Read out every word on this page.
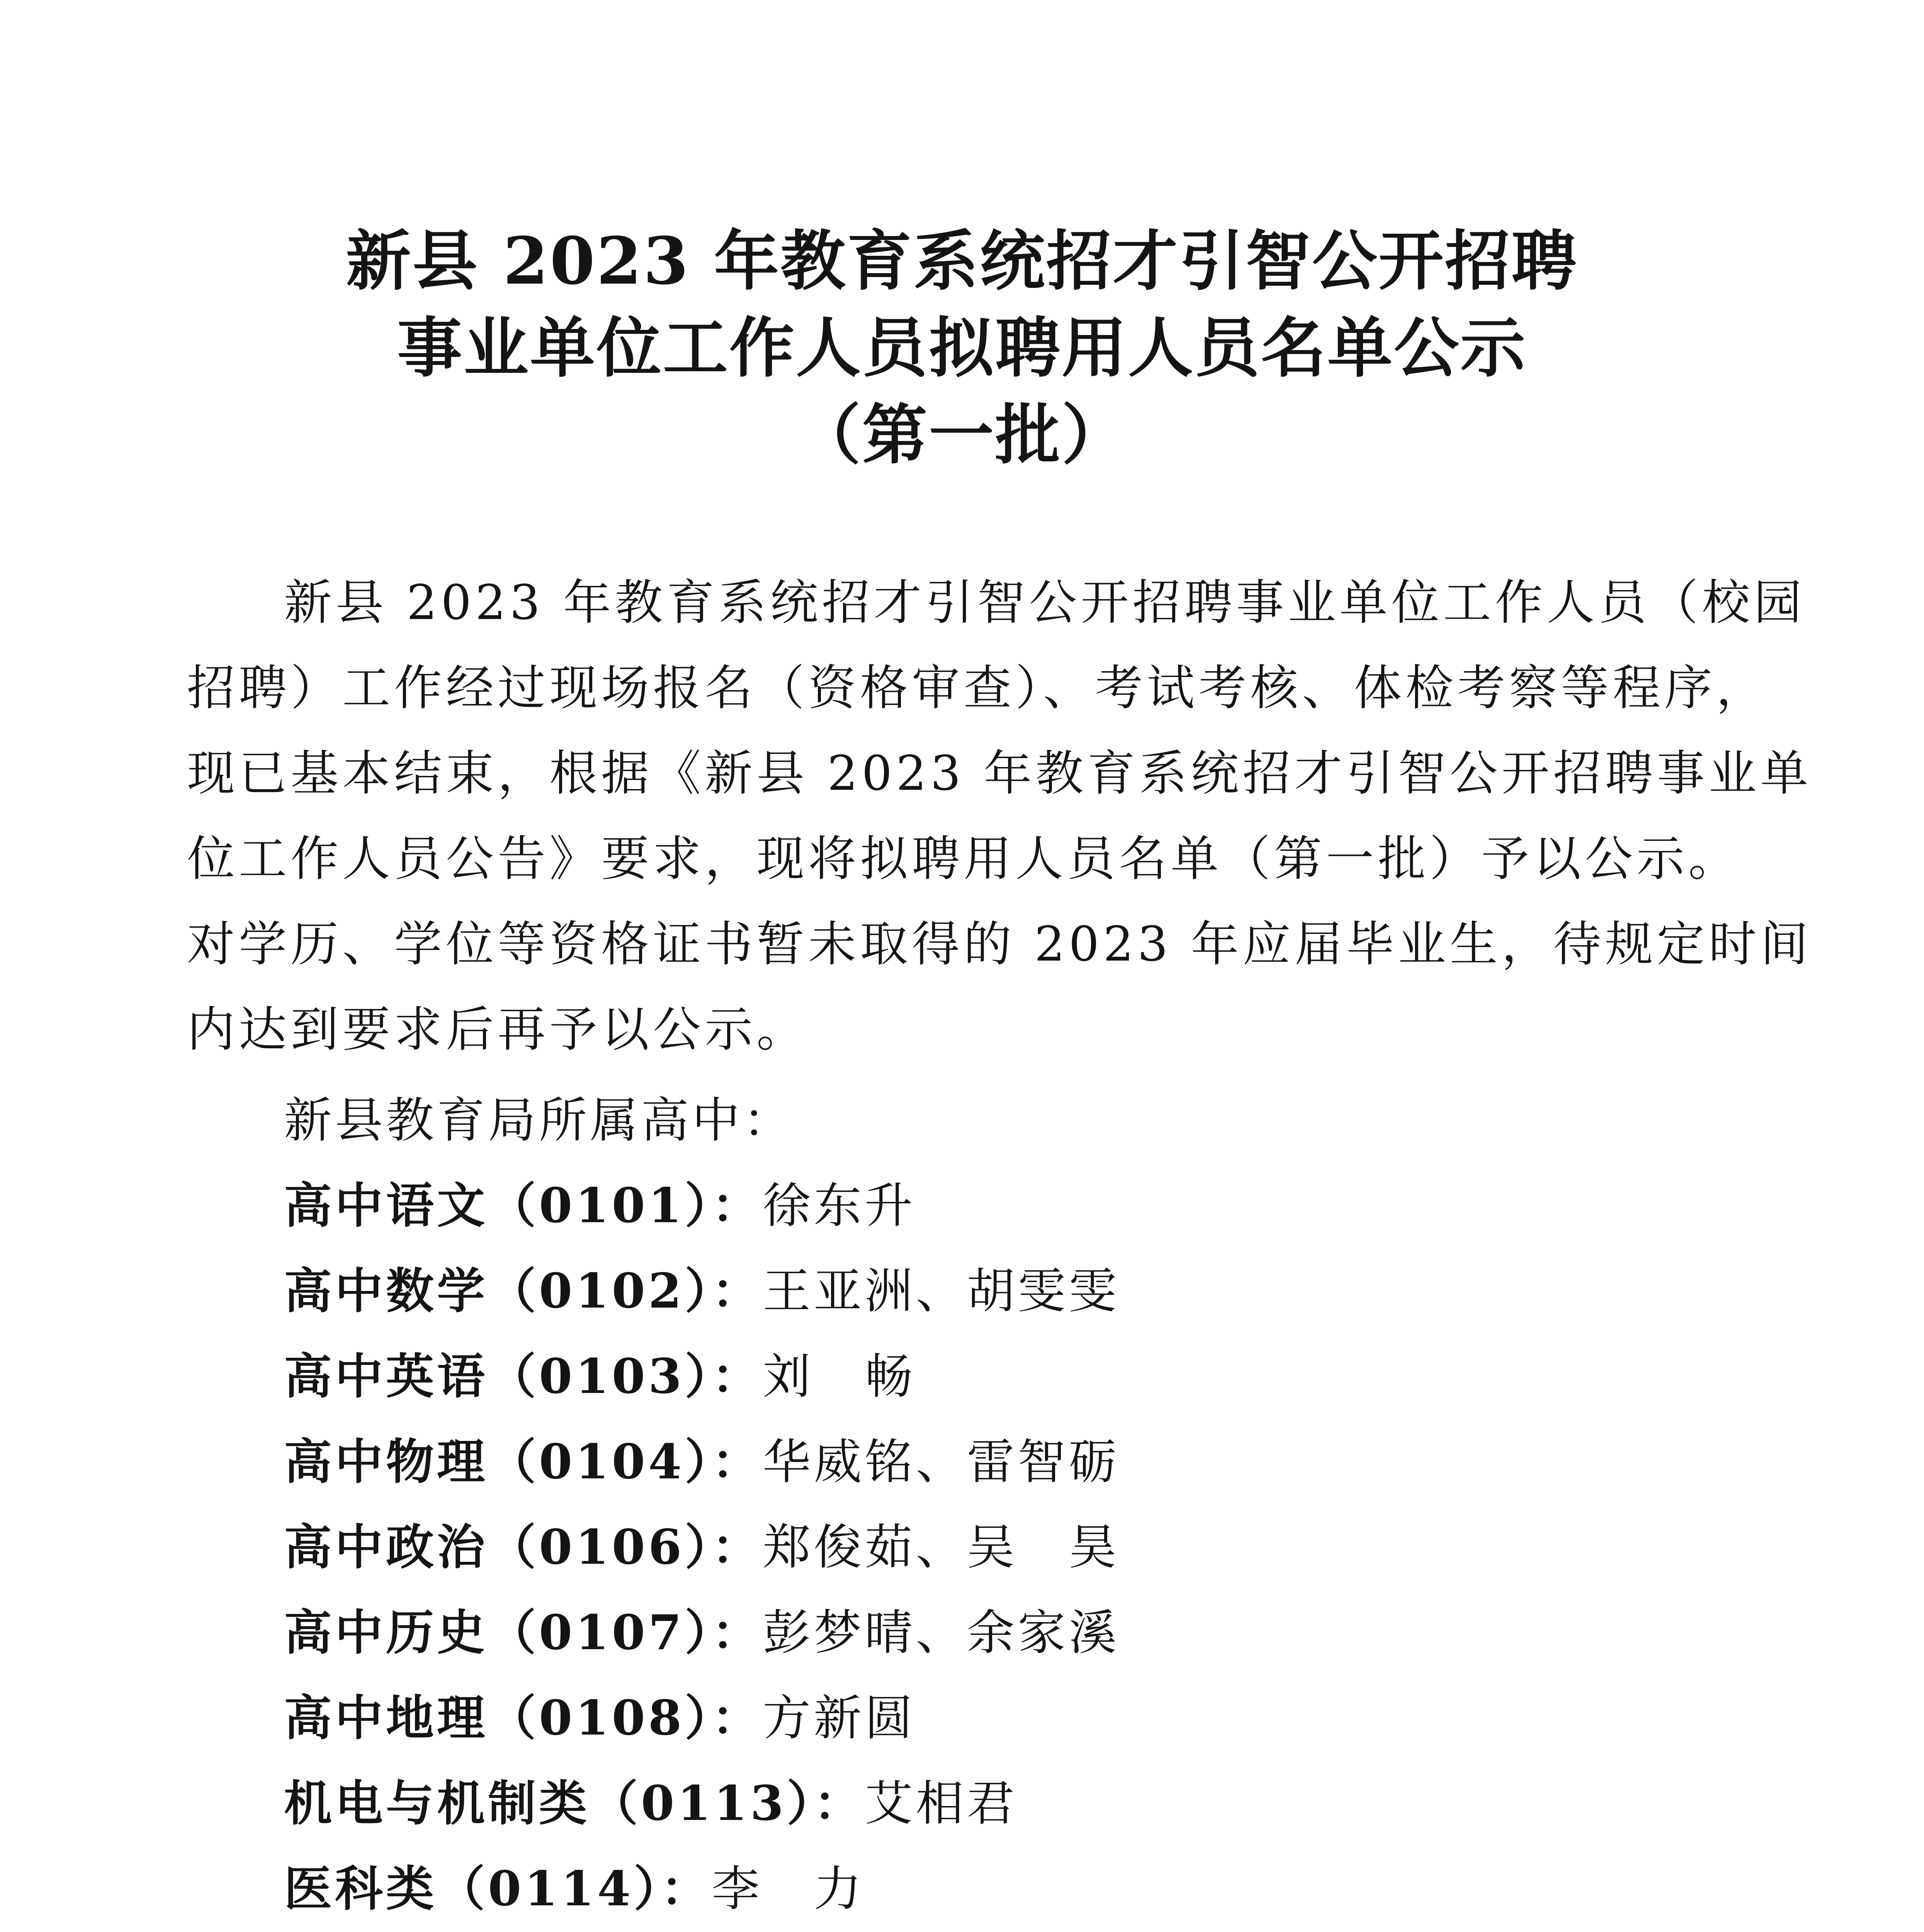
新县 2023 年教育系统招才引智公开招聘
事业单位工作人员拟聘用人员名单公示
（第一批）
新县 2023 年教育系统招才引智公开招聘事业单位工作人员（校园
招聘）工作经过现场报名（资格审查）、考试考核、体检考察等程序，
现已基本结束，根据《新县 2023 年教育系统招才引智公开招聘事业单
位工作人员公告》要求，现将拟聘用人员名单（第一批）予以公示。
对学历、学位等资格证书暂未取得的 2023 年应届毕业生，待规定时间
内达到要求后再予以公示。
新县教育局所属高中：
高中语文（0101）：徐东升
高中数学（0102）：王亚洲、胡雯雯
高中英语（0103）：刘　畅
高中物理（0104）：华威铭、雷智砺
高中政治（0106）：郑俊茹、吴　昊
高中历史（0107）：彭梦晴、余家溪
高中地理（0108）：方新圆
机电与机制类（0113）：艾相君
医科类（0114）：李　力
